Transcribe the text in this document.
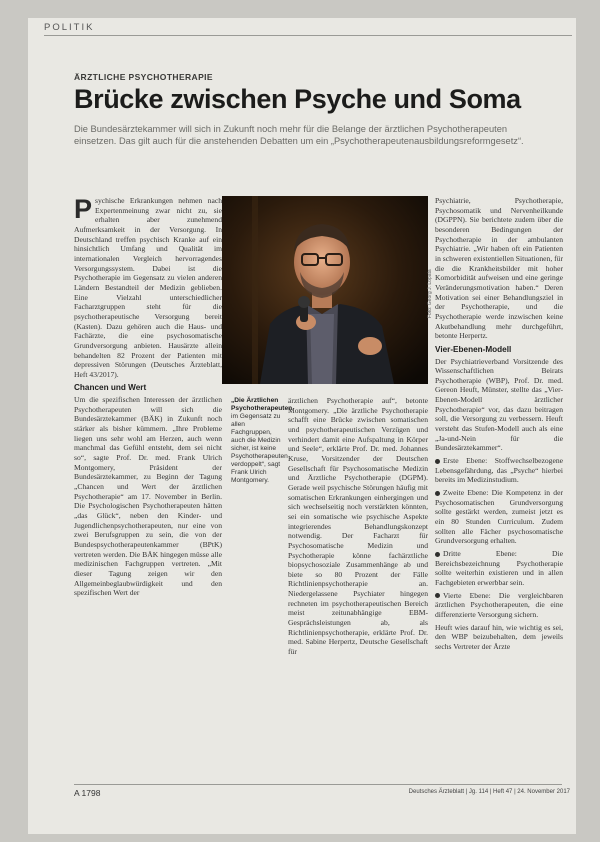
POLITIK
ÄRZTLICHE PSYCHOTHERAPIE
Brücke zwischen Psyche und Soma
Die Bundesärztekammer will sich in Zukunft noch mehr für die Belange der ärztlichen Psychotherapeuten einsetzen. Das gilt auch für die anstehenden Debatten um ein „Psychotherapeutenausbildungsreformgesetz“.

Psychische Erkrankungen nehmen nach Expertenmeinung zwar nicht zu, sie erhalten aber zunehmend Aufmerksamkeit in der Versorgung. In Deutschland treffen psychisch Kranke auf ein hinsichtlich Umfang und Qualität im internationalen Vergleich hervorragendes Versorgungssystem. Dabei ist die Psychotherapie im Gegensatz zu vielen anderen Ländern Bestandteil der Medizin geblieben. Eine Vielzahl unterschiedlicher Facharztgruppen steht für die psychotherapeutische Versorgung bereit (Kasten). Dazu gehören auch die Haus- und Fachärzte, die eine psychosomatische Grundversorgung anbieten. Hausärzte allein behandelten 82 Prozent der Patienten mit depressiven Störungen (Deutsches Ärzteblatt, Heft 43/2017).

Chancen und Wert

Um die spezifischen Interessen der ärztlichen Psychotherapeuten will sich die Bundesärztekammer (BÄK) in Zukunft noch stärker als bisher kümmern. „Ihre Probleme liegen uns sehr wohl am Herzen, auch wenn manchmal das Gefühl entsteht, dem sei nicht so“, sagte Prof. Dr. med. Frank Ulrich Montgomery, Präsident der Bundesärztekammer, zu Beginn der Tagung „Chancen und Wert der ärztlichen Psychotherapie“ am 17. November in Berlin. Die Psychologischen Psychotherapeuten hätten „das Glück“, neben den Kinder- und Jugendlichenpsychotherapeuten, nur eine von zwei Berufsgruppen zu sein, die von der Bundespsychotherapeutenkammer (BPtK) vertreten werden. Die BÄK hingegen müsse alle medizinischen Fachgruppen vertreten. „Mit dieser Tagung zeigen wir den Allgemeinbeglaubwürdigkeit und den spezifischen Wert der

Foto: Georg J. Lopata
„Die Ärztlichen Psychotherapeuten im Gegensatz zu allen Fachgruppen, auch die Medizin sicher, ist keine Psychotherapeuten verdoppelt“, sagt Frank Ulrich Montgomery.

ärztlichen Psychotherapie auf“, betonte Montgomery. „Die ärztliche Psychotherapie schafft eine Brücke zwischen somatischen und psychotherapeutischen Verzügen und verhindert damit eine Aufspaltung in Körper und Seele“, erklärte Prof. Dr. med. Johannes Kruse, Vorsitzender der Deutschen Gesellschaft für Psychosomatische Medizin und Ärztliche Psychotherapie (DGPM). Gerade weil psychische Störungen häufig mit somatischen Erkrankungen einhergingen und sich wechselseitig noch verstärkten könnten, sei ein somatische wie psychische Aspekte integrierendes Behandlungskonzept notwendig. Der Facharzt für Psychosomatische Medizin und Psychotherapie könne fachärztliche biopsychosoziale Zusammenhänge ab und biete so 80 Prozent der Fälle Richtlinienpsychotherapie an. Niedergelassene Psychiater hingegen rechneten im psychotherapeutischen Bereich meist zeitunabhängige EBM-Gesprächsleistungen ab, als Richtlinienpsychotherapie, erklärte Prof. Dr. med. Sabine Herpertz, Deutsche Gesellschaft für

Psychiatrie, Psychotherapie, Psychosomatik und Nervenheilkunde (DGPPN). Sie berichtete zudem über die besonderen Bedingungen der Psychotherapie in der ambulanten Psychiatrie. „Wir haben oft ein Patienten in schweren existentiellen Situationen, für die die Krankheitsbilder mit hoher Komorbidität aufweisen und eine geringe Veränderungsmotivation haben.“ Deren Motivation sei einer Behandlungsziel in der Psychotherapie, und die Psychotherapie werde inzwischen keine Akutbehandlung mehr durchgeführt, betonte Herpertz.

Vier-Ebenen-Modell

Der Psychiatrieverband Vorsitzende des Wissenschaftlichen Beirats Psychotherapie (WBP), Prof. Dr. med. Gereon Heuft, Münster, stellte das „Vier-Ebenen-Modell ärztlicher Psychotherapie“ vor, das dazu beitragen soll, die Versorgung zu verbessern. Heuft versteht das Stufen-Modell auch als eine „Ja-und-Nein für die Bundesärztekammer“.

Erste Ebene: Stoffwechselbezogene Lebensgefährdung, das „Psyche“ hierbei bereits im Medizinstudium.

Zweite Ebene: Die Kompetenz in der Psychosomatischen Grundversorgung sollte gestärkt werden, zumeist jetzt es ein 80 Stunden Curriculum. Zudem sollten alle Fächer psychosomatische Grundversorgung erhalten.

Dritte Ebene: Die Bereichsbezeichnung Psychotherapie sollte weiterhin existieren und in allen Fachgebieten erwerbbar sein.

Vierte Ebene: Die vergleichbaren ärztlichen Psychotherapeuten, die eine differenzierte Versorgung sichern.

Heuft wies darauf hin, wie wichtig es sei, den WBP beizubehalten, dem jeweils sechs Vertreter der Ärzte

A 1798	Deutsches Ärzteblatt | Jg. 114 | Heft 47 | 24. November 2017
